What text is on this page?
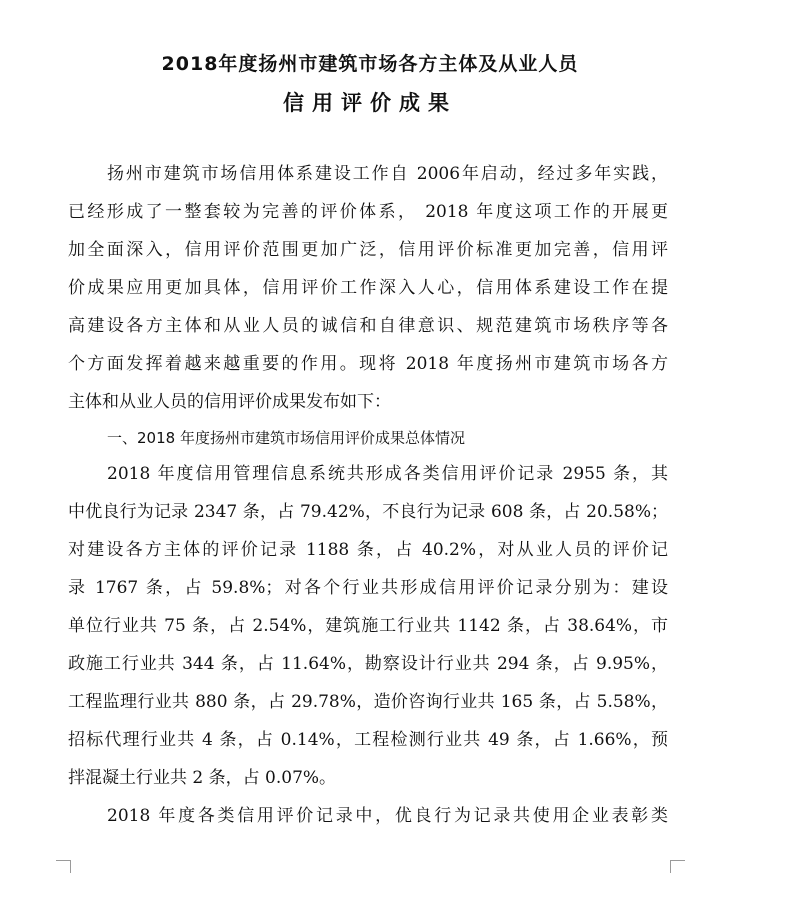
2018年度扬州市建筑市场各方主体及从业人员
信用评价成果
扬州市建筑市场信用体系建设工作自 2006年启动，经过多年实践，
已经形成了一整套较为完善的评价体系， 2018 年度这项工作的开展更
加全面深入，信用评价范围更加广泛，信用评价标准更加完善，信用评
价成果应用更加具体，信用评价工作深入人心，信用体系建设工作在提
高建设各方主体和从业人员的诚信和自律意识、规范建筑市场秩序等各
个方面发挥着越来越重要的作用。现将 2018 年度扬州市建筑市场各方
主体和从业人员的信用评价成果发布如下：
一、2018 年度扬州市建筑市场信用评价成果总体情况
2018 年度信用管理信息系统共形成各类信用评价记录 2955 条，其
中优良行为记录 2347 条，占 79.42%，不良行为记录 608 条，占 20.58%；
对建设各方主体的评价记录 1188 条，占 40.2%，对从业人员的评价记
录 1767 条，占 59.8%；对各个行业共形成信用评价记录分别为：建设
单位行业共 75 条，占 2.54%，建筑施工行业共 1142 条，占 38.64%，市
政施工行业共 344 条，占 11.64%，勘察设计行业共 294 条，占 9.95%，
工程监理行业共 880 条，占 29.78%，造价咨询行业共 165 条，占 5.58%，
招标代理行业共 4 条，占 0.14%，工程检测行业共 49 条，占 1.66%，预
拌混凝土行业共 2 条，占 0.07%。
2018 年度各类信用评价记录中，优良行为记录共使用企业表彰类
